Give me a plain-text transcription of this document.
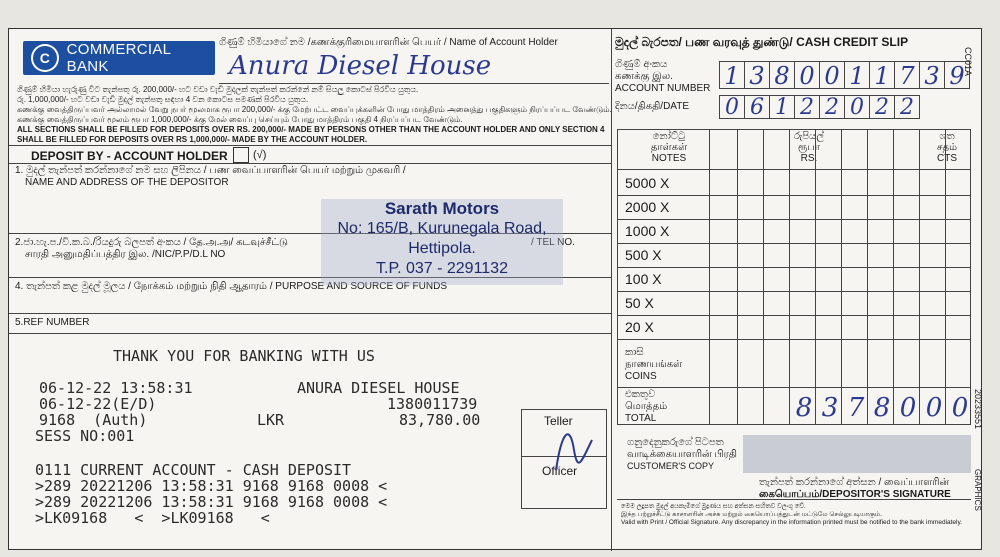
C	COMMERCIAL BANK
ගිණුම් හිමියාගේ නම /கணக்குரிமையாளரின் பெயர் / Name of Account Holder
Anura Diesel House
ගිණුම් හිමියා හැරුණු විට තැන්පතු රු. 200,000/- හට වඩා වැඩි මුදලක් තැන්පත් කරන්නේ නම් සියලු කොටස් පිරවිය යුතුය.
රු. 1,000,000/- හට වඩා වැඩි මුදල් තැන්පතු සඳහා 4 වන කොටස පමණක් පිරවිය යුතුය.
கணக்கு வைத்திருப்பவர் அல்லாமல் வேறு நபர் மூலமாக ரூபா 200,000/- க்கு மேற்பட்ட வைப்புக்களின் போது மாத்திரம் அனைத்து பகுதிகளும் நிரப்பப்பட வேண்டும்.
கணக்கு வைத்திருப்பவர் மூலம் ரூபா 1,000,000/- க்கு மேல் வைப்பு செய்யும் போது மாத்திரம் பகுதி 4 நிரப்பப்பட வேண்டும்.
ALL SECTIONS SHALL BE FILLED FOR DEPOSITS OVER RS. 200,000/- MADE BY PERSONS OTHER THAN THE ACCOUNT HOLDER AND ONLY SECTION 4
SHALL BE FILLED FOR DEPOSITS OVER RS 1,000,000/- MADE BY THE ACCOUNT HOLDER.
DEPOSIT BY - ACCOUNT HOLDER (√)
1. මුදල් තැන්පත් කරන්නාගේ නම සහ ලිපිනය / பண வைப்பாளரின் பெயர் மற்றும் முகவரி /
NAME AND ADDRESS OF THE DEPOSITOR
2.ජා.හැ.ප./වි.ක.බ./රියදුරු බලපත් අංකය / தே.அ.அ/ கடவுச்சீட்டு
சாரதி அனுமதிப்பத்திர இல. /NIC/P.P/D.L NO
/ TEL NO.
4. තැන්පත් කළ මුදල් මූලය / நோக்கம் மற்றும் நிதி ஆதாரம் / PURPOSE AND SOURCE OF FUNDS
5.REF NUMBER
Sarath Motors
No: 165/B, Kurunegala Road,
Hettipola.
T.P. 037 - 2291132
THANK YOU FOR BANKING WITH US
06-12-22 13:58:31	ANURA DIESEL HOUSE
06-12-22(E/D)	1380011739
9168  (Auth)	LKR	83,780.00
SESS NO:001
0111 CURRENT ACCOUNT - CASH DEPOSIT
>289 20221206 13:58:31 9168 9168 0008 <
>289 20221206 13:58:31 9168 9168 0008 <
>LK09168   <  >LK09168   <
Teller
Officer
මුදල් බැරපත/ பண வரவுத் துண்டு/ CASH CREDIT SLIP
CC01A
ගිණුම් අංකය
கணக்கு இல.
ACCOUNT NUMBER 1 3 8 0 0 1 1 7 3 9
දිනය/திகதி/DATE 0 6 1 2 2 0 2 2
නෝට්ටු
தாள்கள்
NOTES
රුපියල්
ரூபா
RS.
ශත
சதம்
CTS
5000 X
2000 X
1000 X
500 X
100 X
50 X
20 X
කාසි
நாணயங்கள்
COINS
එකතුව
மொத்தம்
TOTAL	8 3 7 8 0 0 0
ගනුදෙනුකරුගේ පිටපත
வாடிக்கையாளரின் பிரதி
CUSTOMER'S COPY
තැන්පත් කරන්නාගේ අත්සන / வைப்பாளரின்
கையொப்பம்/DEPOSITOR'S SIGNATURE
මෙම ලදුපත මුදල් අයකැමිගේ මුද්‍රණය සහ අත්සන සහිතව වලංගු වේ.
இந்த பற்றுச்சீட்டு காசாளரின் அச்சு மற்றும் கையொப்பத்துடன் மட்டுமே செல்லுபடியாகும்.
Valid with Print / Official Signature. Any discrepancy in the information printed must be notified to the bank immediately.
20233551
GRAPHICS
